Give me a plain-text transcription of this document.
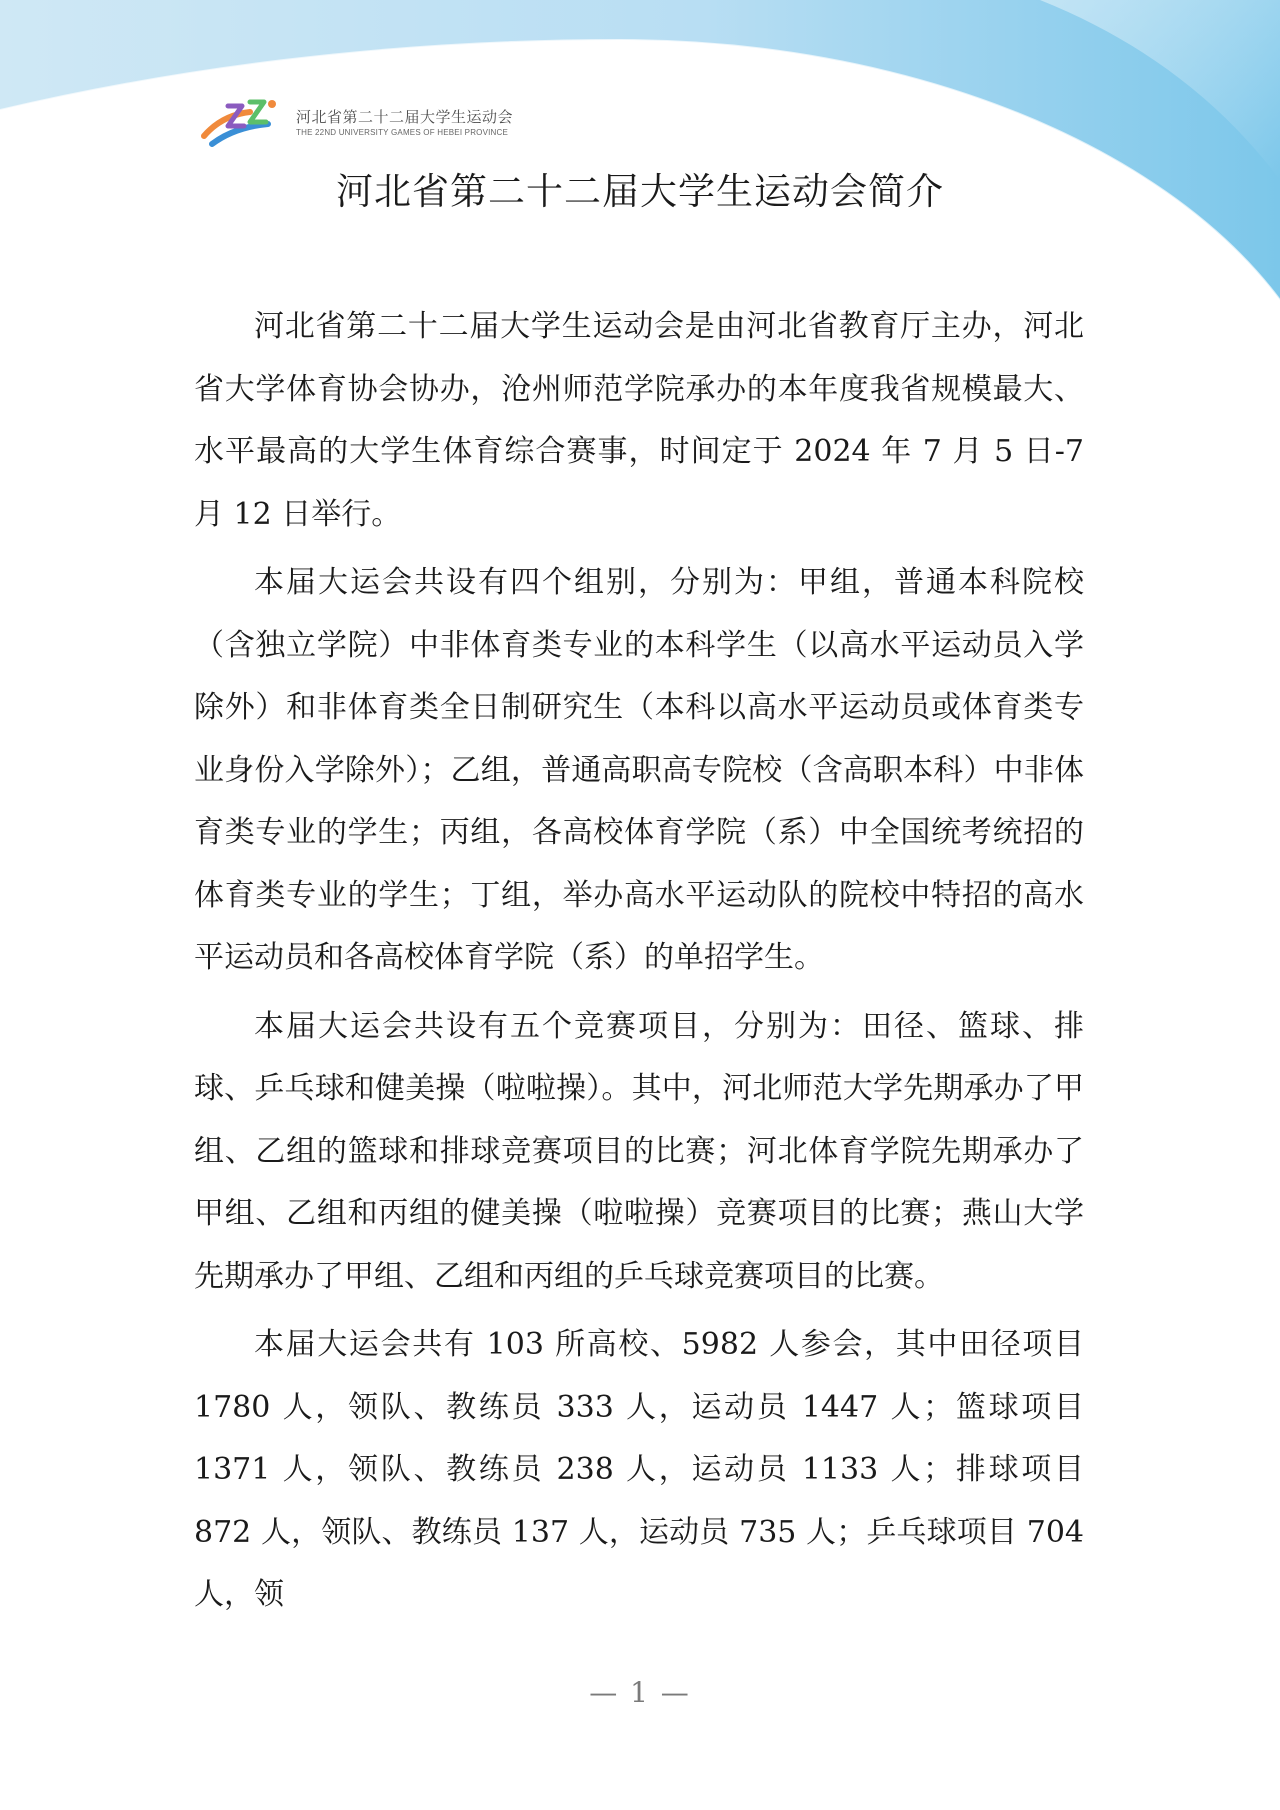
河北省第二十二届大学生运动会
THE 22ND UNIVERSITY GAMES OF HEBEI PROVINCE
河北省第二十二届大学生运动会简介

河北省第二十二届大学生运动会是由河北省教育厅主办，河北省大学体育协会协办，沧州师范学院承办的本年度我省规模最大、水平最高的大学生体育综合赛事，时间定于 2024 年 7 月 5 日-7 月 12 日举行。

本届大运会共设有四个组别，分别为：甲组，普通本科院校（含独立学院）中非体育类专业的本科学生（以高水平运动员入学除外）和非体育类全日制研究生（本科以高水平运动员或体育类专业身份入学除外）；乙组，普通高职高专院校（含高职本科）中非体育类专业的学生；丙组，各高校体育学院（系）中全国统考统招的体育类专业的学生；丁组，举办高水平运动队的院校中特招的高水平运动员和各高校体育学院（系）的单招学生。

本届大运会共设有五个竞赛项目，分别为：田径、篮球、排球、乒乓球和健美操（啦啦操）。其中，河北师范大学先期承办了甲组、乙组的篮球和排球竞赛项目的比赛；河北体育学院先期承办了甲组、乙组和丙组的健美操（啦啦操）竞赛项目的比赛；燕山大学先期承办了甲组、乙组和丙组的乒乓球竞赛项目的比赛。

本届大运会共有 103 所高校、5982 人参会，其中田径项目 1780 人，领队、教练员 333 人，运动员 1447 人；篮球项目 1371 人，领队、教练员 238 人，运动员 1133 人；排球项目 872 人，领队、教练员 137 人，运动员 735 人；乒乓球项目 704 人，领

— 1 —
